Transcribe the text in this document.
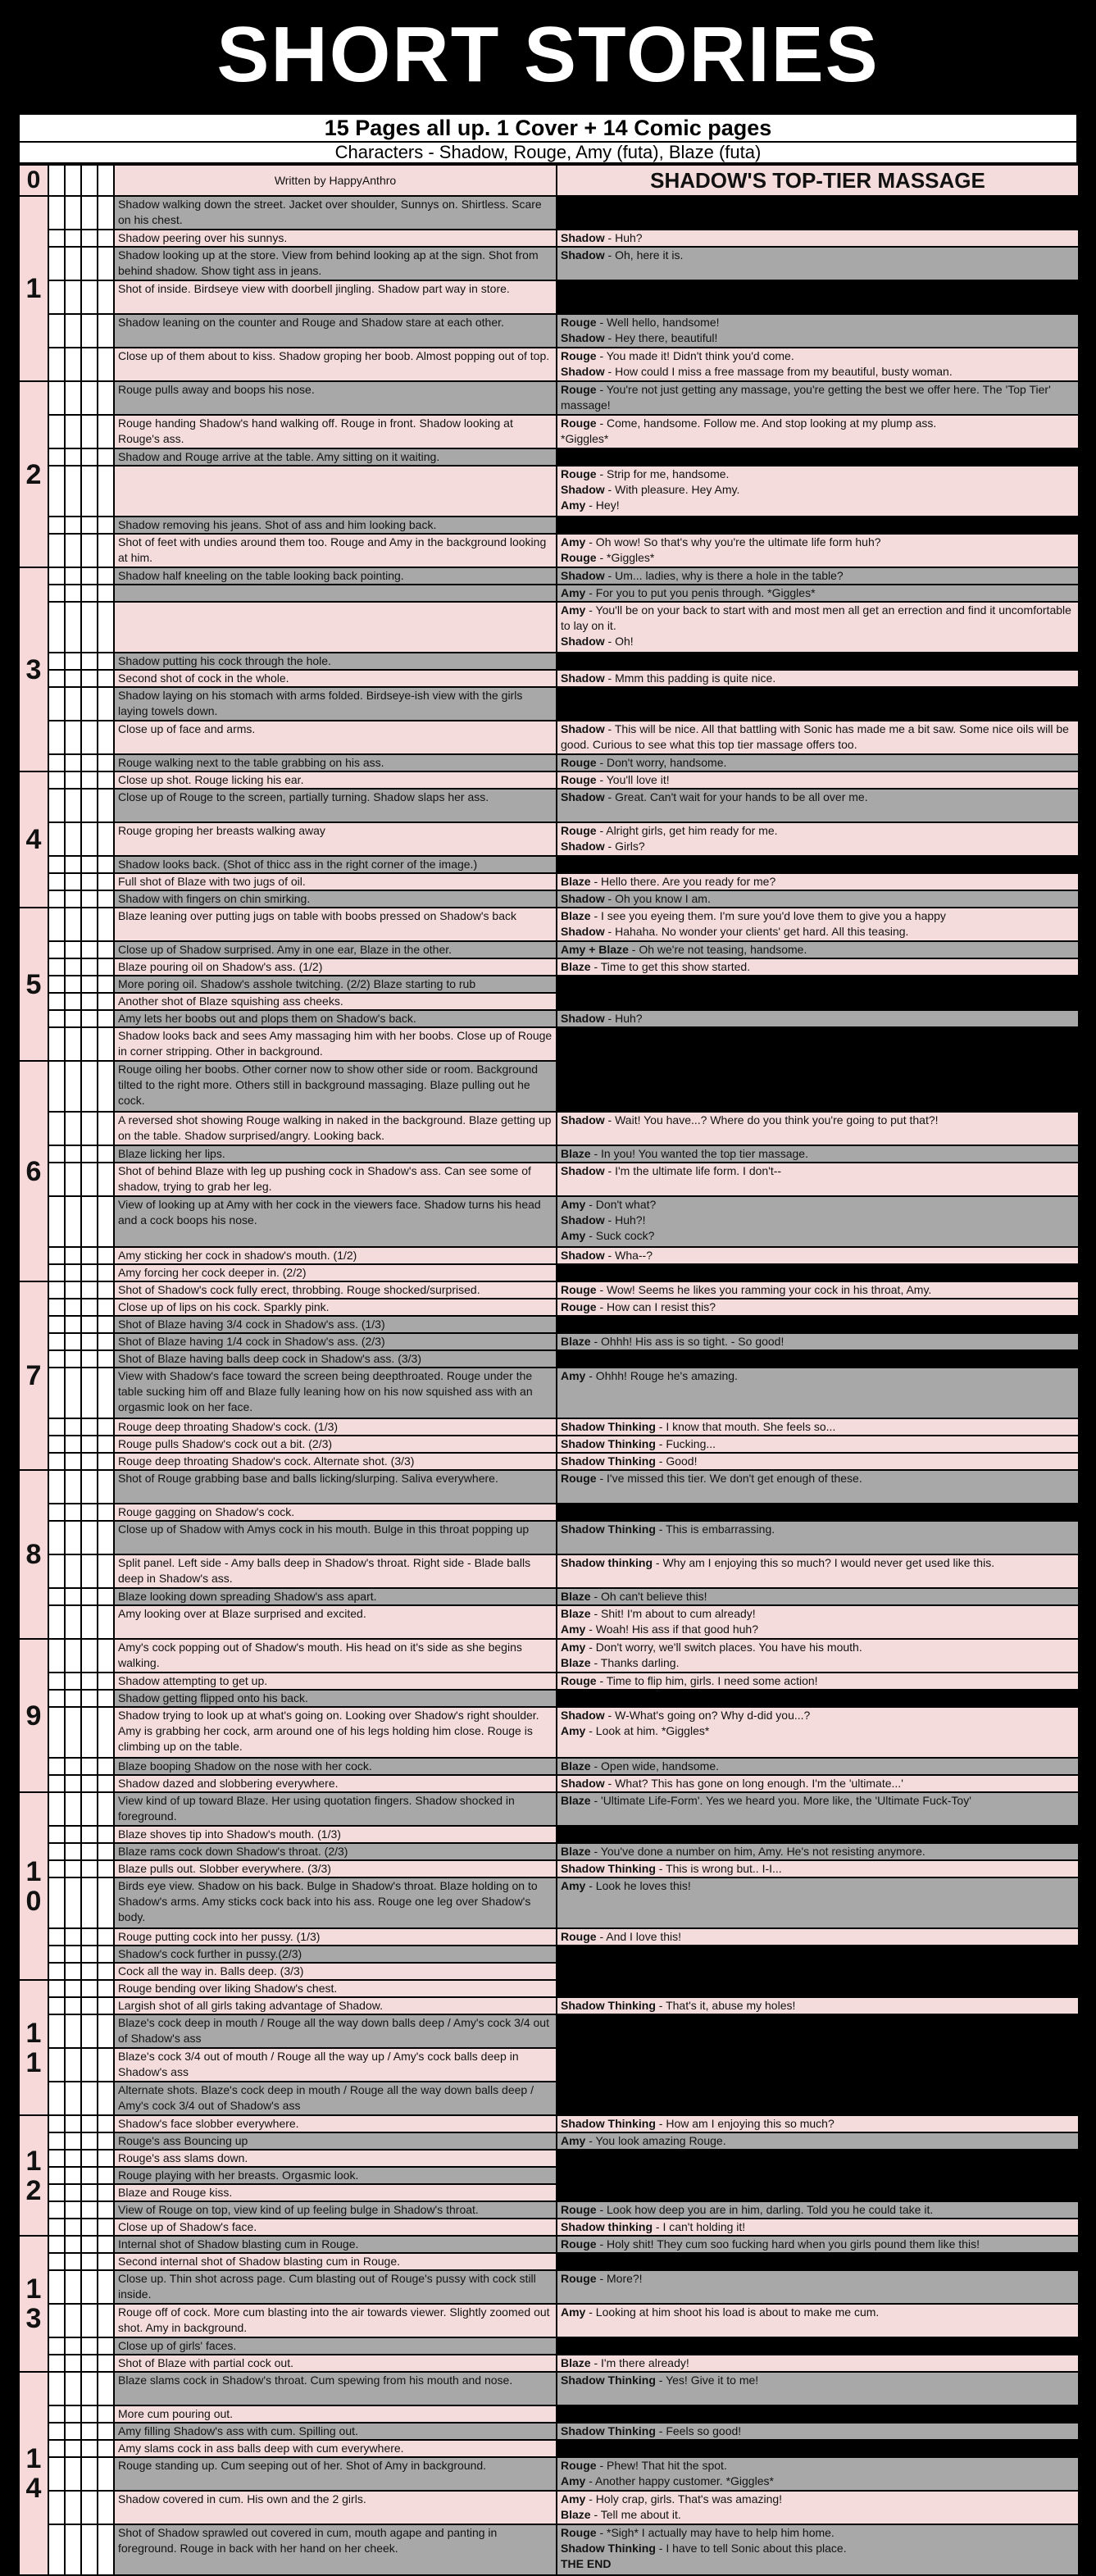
SHORT STORIES
15 Pages all up. 1 Cover + 14 Comic pages
Characters - Shadow, Rouge, Amy (futa), Blaze (futa)
0					Written by HappyAnthro	SHADOW'S TOP-TIER MASSAGE

1					Shadow walking down the street. Jacket over shoulder, Sunnys on. Shirtless. Scare on his chest.	
					Shadow peering over his sunnys.	Shadow - Huh?

					Shadow looking up at the store. View from behind looking ap at the sign. Shot from behind shadow. Show tight ass in jeans.	Shadow - Oh, here it is.

					Shot of inside. Birdseye view with doorbell jingling. Shadow part way in store.	
					Shadow leaning on the counter and Rouge and Shadow stare at each other.	Rouge - Well hello, handsome!
Shadow - Hey there, beautiful!

					Close up of them about to kiss. Shadow groping her boob. Almost popping out of top.	Rouge - You made it! Didn't think you'd come.
Shadow - How could I miss a free massage from my beautiful, busty woman.

2					Rouge pulls away and boops his nose.	Rouge - You're not just getting any massage, you're getting the best we offer here. The 'Top Tier' massage!

					Rouge handing Shadow's hand walking off. Rouge in front. Shadow looking at Rouge's ass.	Rouge - Come, handsome. Follow me. And stop looking at my plump ass.
*Giggles*

					Shadow and Rouge arrive at the table. Amy sitting on it waiting.	

						Rouge - Strip for me, handsome.
Shadow - With pleasure. Hey Amy.
Amy - Hey!

					Shadow removing his jeans. Shot of ass and him looking back.	
					Shot of feet with undies around them too. Rouge and Amy in the background looking at him.	Amy - Oh wow! So that's why you're the ultimate life form huh?
Rouge - *Giggles*

3					Shadow half kneeling on the table looking back pointing.	Shadow - Um... ladies, why is there a hole in the table?

						Amy - For you to put you penis through. *Giggles*

						Amy - You'll be on your back to start with and most men all get an errection and find it uncomfortable to lay on it.
Shadow - Oh!

					Shadow putting his cock through the hole.	
					Second shot of cock in the whole.	Shadow - Mmm this padding is quite nice.

					Shadow laying on his stomach with arms folded. Birdseye-ish view with the girls laying towels down.	
					Close up of face and arms.	Shadow - This will be nice. All that battling with Sonic has made me a bit saw. Some nice oils will be good. Curious to see what this top tier massage offers too.

					Rouge walking next to the table grabbing on his ass.	Rouge - Don't worry, handsome.

4					Close up shot. Rouge licking his ear.	Rouge - You'll love it!

					Close up of Rouge to the screen, partially turning. Shadow slaps her ass.	Shadow - Great. Can't wait for your hands to be all over me.

					Rouge groping her breasts walking away	Rouge - Alright girls, get him ready for me.
Shadow - Girls?

					Shadow looks back. (Shot of thicc ass in the right corner of the image.)	
					Full shot of Blaze with two jugs of oil.	Blaze - Hello there. Are you ready for me?

					Shadow with fingers on chin smirking.	Shadow - Oh you know I am.

5					Blaze leaning over putting jugs on table with boobs pressed on Shadow's back	Blaze - I see you eyeing them. I'm sure you'd love them to give you a happy
Shadow - Hahaha. No wonder your clients' get hard. All this teasing.

					Close up of Shadow surprised. Amy in one ear, Blaze in the other.	Amy + Blaze - Oh we're not teasing, handsome.

					Blaze pouring oil on Shadow's ass. (1/2)	Blaze - Time to get this show started.

					More poring oil. Shadow's asshole twitching. (2/2) Blaze starting to rub	
					Another shot of Blaze squishing ass cheeks.	
					Amy lets her boobs out and plops them on Shadow's back.	Shadow - Huh?

					Shadow looks back and sees Amy massaging him with her boobs. Close up of Rouge in corner stripping. Other in background.	

6					Rouge oiling her boobs. Other corner now to show other side or room. Background tilted to the right more. Others still in background massaging. Blaze pulling out he cock.	
					A reversed shot showing Rouge walking in naked in the background. Blaze getting up on the table. Shadow surprised/angry. Looking back.	Shadow - Wait! You have...? Where do you think you're going to put that?!

					Blaze licking her lips.	Blaze - In you! You wanted the top tier massage.

					Shot of behind Blaze with leg up pushing cock in Shadow's ass. Can see some of shadow, trying to grab her leg.	Shadow - I'm the ultimate life form. I don't--

					View of looking up at Amy with her cock in the viewers face. Shadow turns his head and a cock boops his nose.	Amy - Don't what?
Shadow - Huh?!
Amy - Suck cock?

					Amy sticking her cock in shadow's mouth. (1/2)	Shadow - Wha--?

					Amy forcing her cock deeper in. (2/2)	

7					Shot of Shadow's cock fully erect, throbbing. Rouge shocked/surprised.	Rouge - Wow! Seems he likes you ramming your cock in his throat, Amy.

					Close up of lips on his cock. Sparkly pink.	Rouge - How can I resist this?

					Shot of Blaze having 3/4 cock in Shadow's ass. (1/3)	
					Shot of Blaze having 1/4 cock in Shadow's ass. (2/3)	Blaze - Ohhh! His ass is so tight. - So good!

					Shot of Blaze having balls deep cock in Shadow's ass. (3/3)	
					View with Shadow's face toward the screen being deepthroated. Rouge under the table sucking him off and Blaze fully leaning how on his now squished ass with an orgasmic look on her face.	Amy - Ohhh! Rouge he's amazing.

					Rouge deep throating Shadow's cock. (1/3)	Shadow Thinking - I know that mouth. She feels so...

					Rouge pulls Shadow's cock out a bit. (2/3)	Shadow Thinking - Fucking...

					Rouge deep throating Shadow's cock. Alternate shot. (3/3)	Shadow Thinking - Good!

8					Shot of Rouge grabbing base and balls licking/slurping. Saliva everywhere.	Rouge - I've missed this tier. We don't get enough of these.

					Rouge gagging on Shadow's cock.	
					Close up of Shadow with Amys cock in his mouth. Bulge in this throat popping up	Shadow Thinking - This is embarrassing.

					Split panel. Left side - Amy balls deep in Shadow's throat. Right side - Blade balls deep in Shadow's ass.	Shadow thinking - Why am I enjoying this so much? I would never get used like this.

					Blaze looking down spreading Shadow's ass apart.	Blaze - Oh can't believe this!

					Amy looking over at Blaze surprised and excited.	Blaze - Shit! I'm about to cum already!
Amy - Woah! His ass if that good huh?

9					Amy's cock popping out of Shadow's mouth. His head on it's side as she begins walking.	Amy - Don't worry, we'll switch places. You have his mouth.
Blaze - Thanks darling.

					Shadow attempting to get up.	Rouge - Time to flip him, girls. I need some action!

					Shadow getting flipped onto his back.	
					Shadow trying to look up at what's going on. Looking over Shadow's right shoulder. Amy is grabbing her cock, arm around one of his legs holding him close. Rouge is climbing up on the table.	Shadow - W-What's going on? Why d-did you...?
Amy - Look at him. *Giggles*

					Blaze booping Shadow on the nose with her cock.	Blaze - Open wide, handsome.

					Shadow dazed and slobbering everywhere.	Shadow - What? This has gone on long enough. I'm the 'ultimate...'

1
0					View kind of up toward Blaze. Her using quotation fingers. Shadow shocked in foreground.	Blaze - 'Ultimate Life-Form'. Yes we heard you. More like, the 'Ultimate Fuck-Toy'

					Blaze shoves tip into Shadow's mouth. (1/3)	
					Blaze rams cock down Shadow's throat. (2/3)	Blaze - You've done a number on him, Amy. He's not resisting anymore.

					Blaze pulls out. Slobber everywhere. (3/3)	Shadow Thinking - This is wrong but.. I-I...

					Birds eye view. Shadow on his back. Bulge in Shadow's throat. Blaze holding on to Shadow's arms. Amy sticks cock back into his ass. Rouge one leg over Shadow's body.	Amy - Look he loves this!

					Rouge putting cock into her pussy. (1/3)	Rouge - And I love this!

					Shadow's cock further in pussy.(2/3)	
					Cock all the way in. Balls deep. (3/3)	

1
1					Rouge bending over liking Shadow's chest.	
					Largish shot of all girls taking advantage of Shadow.	Shadow Thinking - That's it, abuse my holes!

					Blaze's cock deep in mouth / Rouge all the way down balls deep / Amy's cock 3/4 out of Shadow's ass	
					Blaze's cock 3/4 out of mouth / Rouge all the way up / Amy's cock balls deep in Shadow's ass	
					Alternate shots. Blaze's cock deep in mouth / Rouge all the way down balls deep / Amy's cock 3/4 out of Shadow's ass	

1
2					Shadow's face slobber everywhere.	Shadow Thinking - How am I enjoying this so much?

					Rouge's ass Bouncing up	Amy - You look amazing Rouge.

					Rouge's ass slams down.	
					Rouge playing with her breasts. Orgasmic look.	
					Blaze and Rouge kiss.	
					View of Rouge on top, view kind of up feeling bulge in Shadow's throat.	Rouge - Look how deep you are in him, darling. Told you he could take it.

					Close up of Shadow's face.	Shadow thinking - I can't holding it!

1
3					Internal shot of Shadow blasting cum in Rouge.	Rouge - Holy shit! They cum soo fucking hard when you girls pound them like this!

					Second internal shot of Shadow blasting cum in Rouge.	
					Close up. Thin shot across page. Cum blasting out of Rouge's pussy with cock still inside.	Rouge - More?!

					Rouge off of cock. More cum blasting into the air towards viewer. Slightly zoomed out shot. Amy in background.	Amy - Looking at him shoot his load is about to make me cum.

					Close up of girls' faces.	
					Shot of Blaze with partial cock out.	Blaze - I'm there already!

1
4					Blaze slams cock in Shadow's throat. Cum spewing from his mouth and nose.	Shadow Thinking - Yes! Give it to me!

					More cum pouring out.	
					Amy filling Shadow's ass with cum. Spilling out.	Shadow Thinking - Feels so good!

					Amy slams cock in ass balls deep with cum everywhere.	
					Rouge standing up. Cum seeping out of her. Shot of Amy in background.	Rouge - Phew! That hit the spot.
Amy - Another happy customer. *Giggles*

					Shadow covered in cum. His own and the 2 girls.	Amy - Holy crap, girls. That's was amazing!
Blaze - Tell me about it.

					Shot of Shadow sprawled out covered in cum, mouth agape and panting in foreground. Rouge in back with her hand on her cheek.	Rouge - *Sigh* I actually may have to help him home.
Shadow Thinking - I have to tell Sonic about this place.
THE END
